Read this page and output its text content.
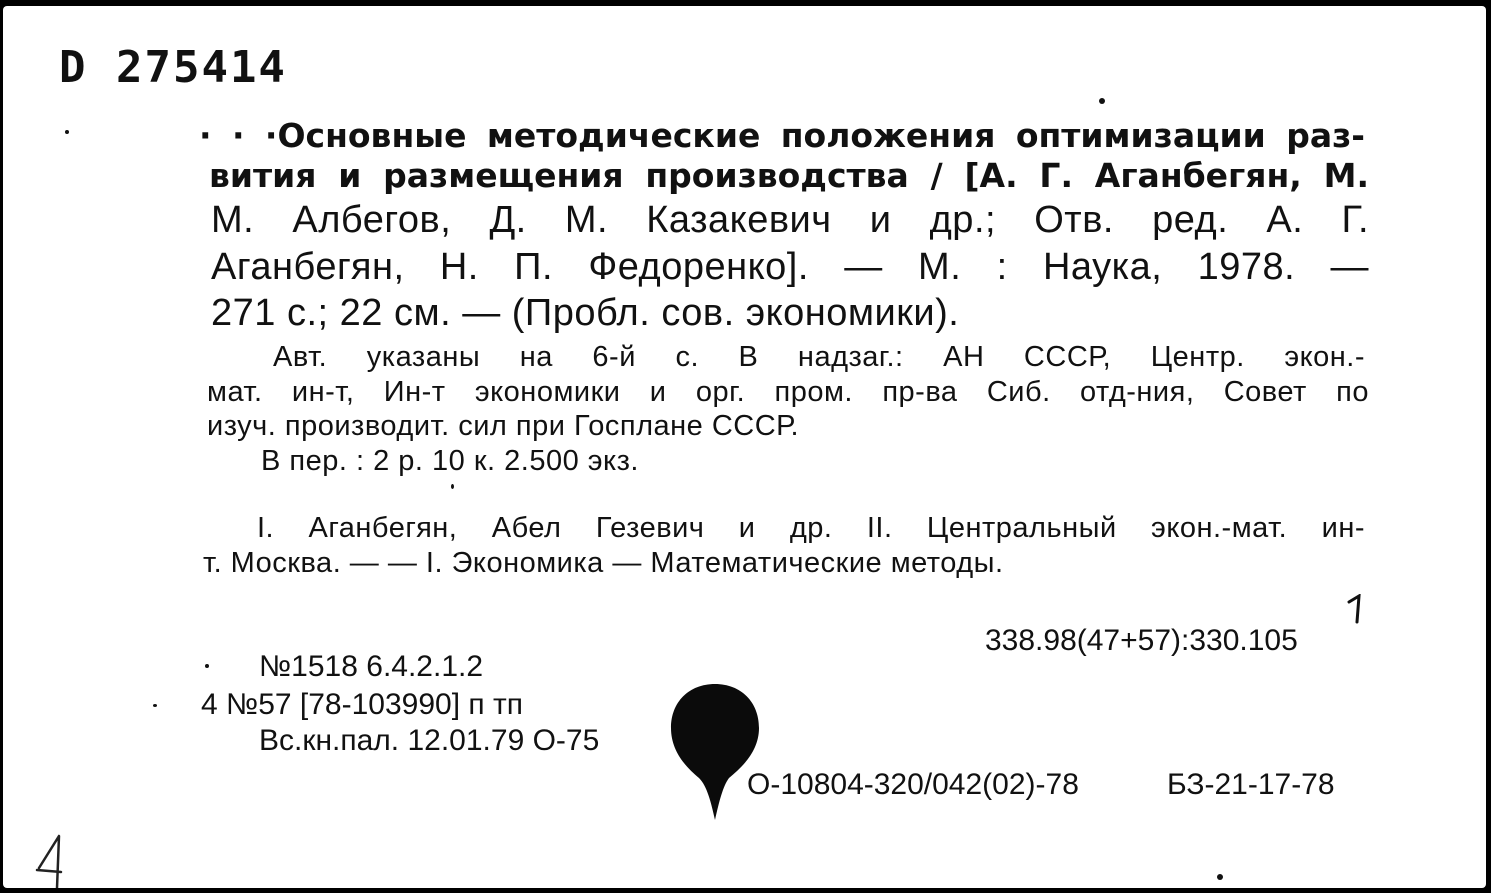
D 275414
· · ·Основные методические положения оптимизации раз-
вития и размещения производства / [А. Г. Аганбегян, М.
М. Албегов, Д. М. Казакевич и др.; Отв. ред. А. Г.
Аганбегян, Н. П. Федоренко]. — М. : Наука, 1978. —
271 с.; 22 см. — (Пробл. сов. экономики).
Авт. указаны на 6-й с. В надзаг.: АН СССР, Центр. экон.-
мат. ин-т, Ин-т экономики и орг. пром. пр-ва Сиб. отд-ния, Совет по
изуч. производит. сил при Госплане СССР.
В пер. : 2 р. 10 к. 2.500 экз.
I. Аганбегян, Абел Гезевич и др. II. Центральный экон.-мат. ин-
т. Москва. — — I. Экономика — Математические методы.
338.98(47+57):330.105
№1518 6.4.2.1.2
4 №57 [78-103990] п тп
Вс.кн.пал. 12.01.79 О-75
О-10804-320/042(02)-78	БЗ-21-17-78
